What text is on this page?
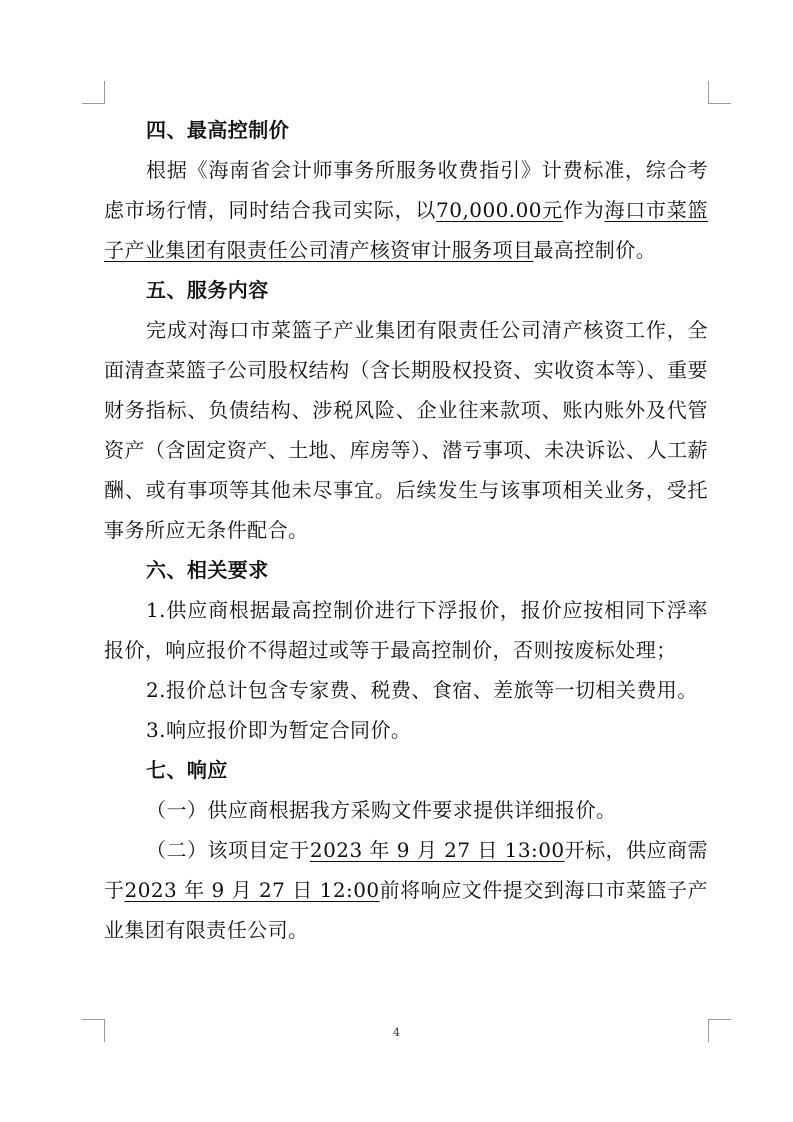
四、最高控制价

根据《海南省会计师事务所服务收费指引》计费标准，综合考虑市场行情，同时结合我司实际，以70,000.00元作为海口市菜篮子产业集团有限责任公司清产核资审计服务项目最高控制价。

五、服务内容

完成对海口市菜篮子产业集团有限责任公司清产核资工作，全面清查菜篮子公司股权结构（含长期股权投资、实收资本等）、重要财务指标、负债结构、涉税风险、企业往来款项、账内账外及代管资产（含固定资产、土地、库房等）、潜亏事项、未决诉讼、人工薪酬、或有事项等其他未尽事宜。后续发生与该事项相关业务，受托事务所应无条件配合。

六、相关要求

1.供应商根据最高控制价进行下浮报价，报价应按相同下浮率报价，响应报价不得超过或等于最高控制价，否则按废标处理；

2.报价总计包含专家费、税费、食宿、差旅等一切相关费用。

3.响应报价即为暂定合同价。

七、响应

（一）供应商根据我方采购文件要求提供详细报价。

（二）该项目定于2023 年 9 月 27 日 13:00开标，供应商需于2023 年 9 月 27 日 12:00前将响应文件提交到海口市菜篮子产业集团有限责任公司。

4
